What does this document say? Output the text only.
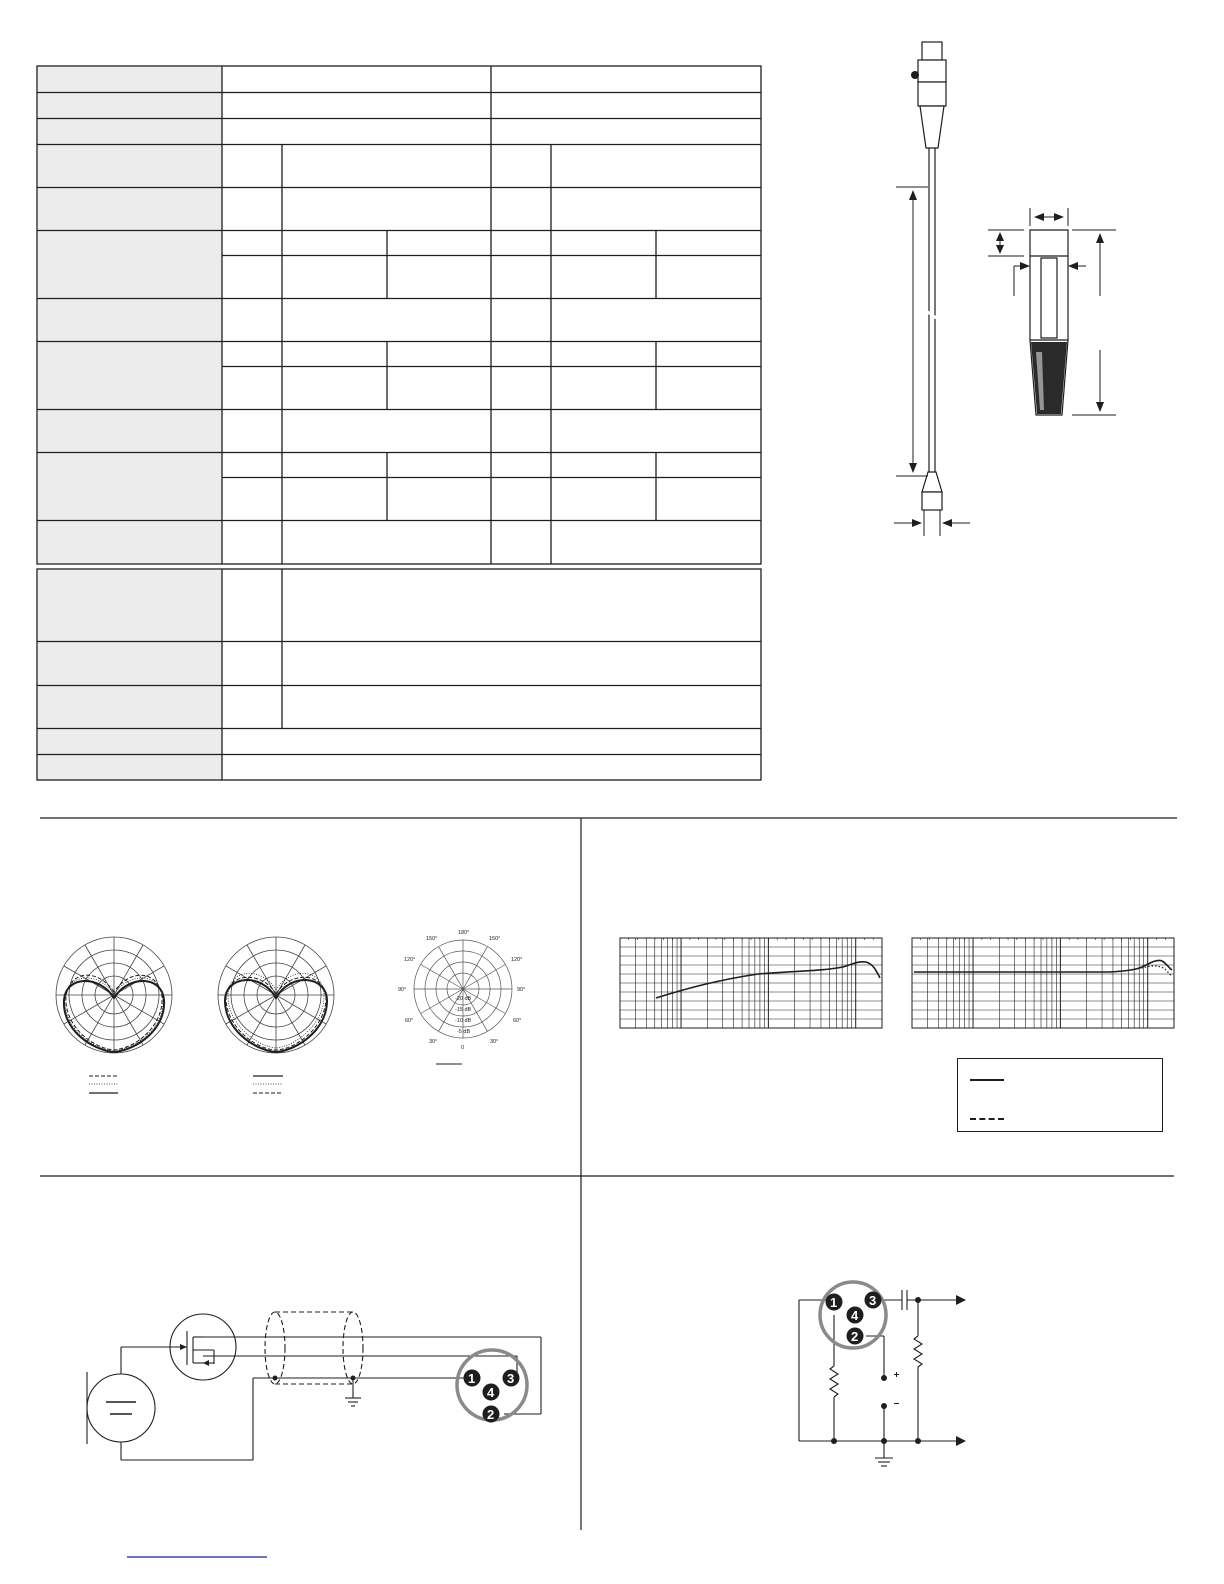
180°
150°	150°
120°	120°
90°	90°
60°	60°
30°	30°
0
-20 dB
-15 dB
-10 dB
-5 dB
1 3
4
2
1 3
4
2
